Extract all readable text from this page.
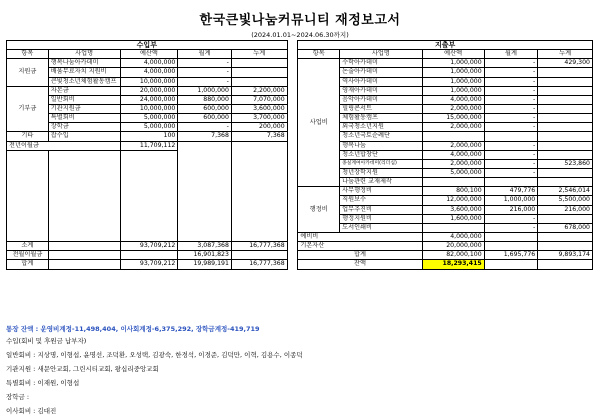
한국큰빛나눔커뮤니티 재정보고서
(2024.01.01~2024.06.30까지)
수입부						지출부				
항목	사업명	예산액	월계	누계		항목	사업명	예산액	월계	누계
지원금	행복나눔아카데미	4,000,000	-			사업비	수학아카데미	1,000,000	-	429,300
	배움무료자치 지원비	4,000,000	-				논술아카데미	1,000,000	-	
	큰빛청소년체험활동캠프	10,000,000	-				역사아카데미	1,000,000	-	
기부금	자본금	20,000,000	1,000,000	2,200,000			영재아카데미	1,000,000	-	
	일반회비	24,000,000	880,000	7,070,000			음악아카데미	4,000,000	-	
	기관지원금	10,000,000	600,000	3,600,000			힐링콘서트	2,000,000	-	
	특별회비	5,000,000	600,000	3,700,000			체험활동캠프	15,000,000	-	
	장학금	5,000,000	-	200,000			외국청소년지원	2,000,000	-	
기타	잡수입	100	7,368	7,368			청소년국토순례단			
전년이월금		11,709,112					행복나눔	2,000,000	-	
							청소년합창단	4,000,000	-	
							종실계여아카데미(리더십)	2,000,000	-	523,860
							청년장학지원	5,000,000	-	
							나눔관련 교재제작			
						행정비	사무행정비	800,100	479,776	2,546,014
							직원보수	12,000,000	1,000,000	5,500,000
							업무추진비	3,600,000	216,000	216,000
							행정지원비	1,600,000	-	
							도서인쇄비		-	678,000
						예비비		4,000,000		
소계		93,709,212	3,087,368	16,777,368		기본자산		20,000,000		
전월이월금			16,901,823			합계		82,000,100	1,695,776	9,893,174
합계		93,709,212	19,989,191	16,777,368		잔액		18,293,415		
통장 잔액 : 운영비계정-11,498,404, 이사회계정-6,375,292, 장학금계정-419,719
수입(회비 및 후원금 납부자)
일반회비 : 지상명, 이형섭, 윤명선, 조덕환, 오성택, 김광숙, 한경석, 이경준, 김덕만, 이혁, 김용수, 이종덕
기관지원 : 새문안교회, 그린시티교회, 왕십리중앙교회
특별회비 : 이재원, 이형섭
장학금 :
이사회비 : 김대진
